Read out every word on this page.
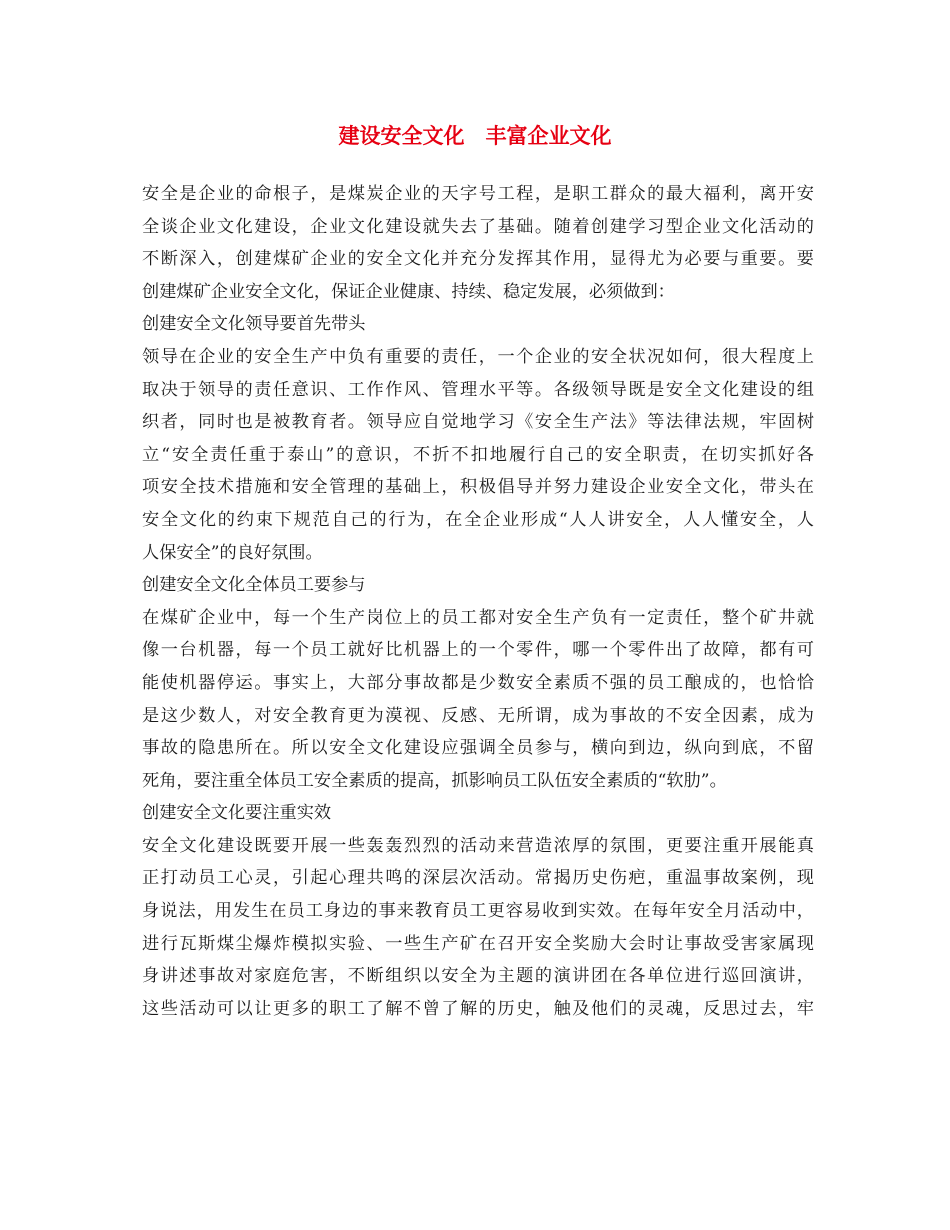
建设安全文化　丰富企业文化
安全是企业的命根子，是煤炭企业的天字号工程，是职工群众的最大福利，离开安
全谈企业文化建设，企业文化建设就失去了基础。随着创建学习型企业文化活动的
不断深入，创建煤矿企业的安全文化并充分发挥其作用，显得尤为必要与重要。要
创建煤矿企业安全文化，保证企业健康、持续、稳定发展，必须做到：
创建安全文化领导要首先带头
领导在企业的安全生产中负有重要的责任，一个企业的安全状况如何，很大程度上
取决于领导的责任意识、工作作风、管理水平等。各级领导既是安全文化建设的组
织者，同时也是被教育者。领导应自觉地学习《安全生产法》等法律法规，牢固树
立“安全责任重于泰山”的意识，不折不扣地履行自己的安全职责，在切实抓好各
项安全技术措施和安全管理的基础上，积极倡导并努力建设企业安全文化，带头在
安全文化的约束下规范自己的行为，在全企业形成“人人讲安全，人人懂安全，人
人保安全”的良好氛围。
创建安全文化全体员工要参与
在煤矿企业中，每一个生产岗位上的员工都对安全生产负有一定责任，整个矿井就
像一台机器，每一个员工就好比机器上的一个零件，哪一个零件出了故障，都有可
能使机器停运。事实上，大部分事故都是少数安全素质不强的员工酿成的，也恰恰
是这少数人，对安全教育更为漠视、反感、无所谓，成为事故的不安全因素，成为
事故的隐患所在。所以安全文化建设应强调全员参与，横向到边，纵向到底，不留
死角，要注重全体员工安全素质的提高，抓影响员工队伍安全素质的“软肋”。
创建安全文化要注重实效
安全文化建设既要开展一些轰轰烈烈的活动来营造浓厚的氛围，更要注重开展能真
正打动员工心灵，引起心理共鸣的深层次活动。常揭历史伤疤，重温事故案例，现
身说法，用发生在员工身边的事来教育员工更容易收到实效。在每年安全月活动中，
进行瓦斯煤尘爆炸模拟实验、一些生产矿在召开安全奖励大会时让事故受害家属现
身讲述事故对家庭危害，不断组织以安全为主题的演讲团在各单位进行巡回演讲，
这些活动可以让更多的职工了解不曾了解的历史，触及他们的灵魂，反思过去，牢
